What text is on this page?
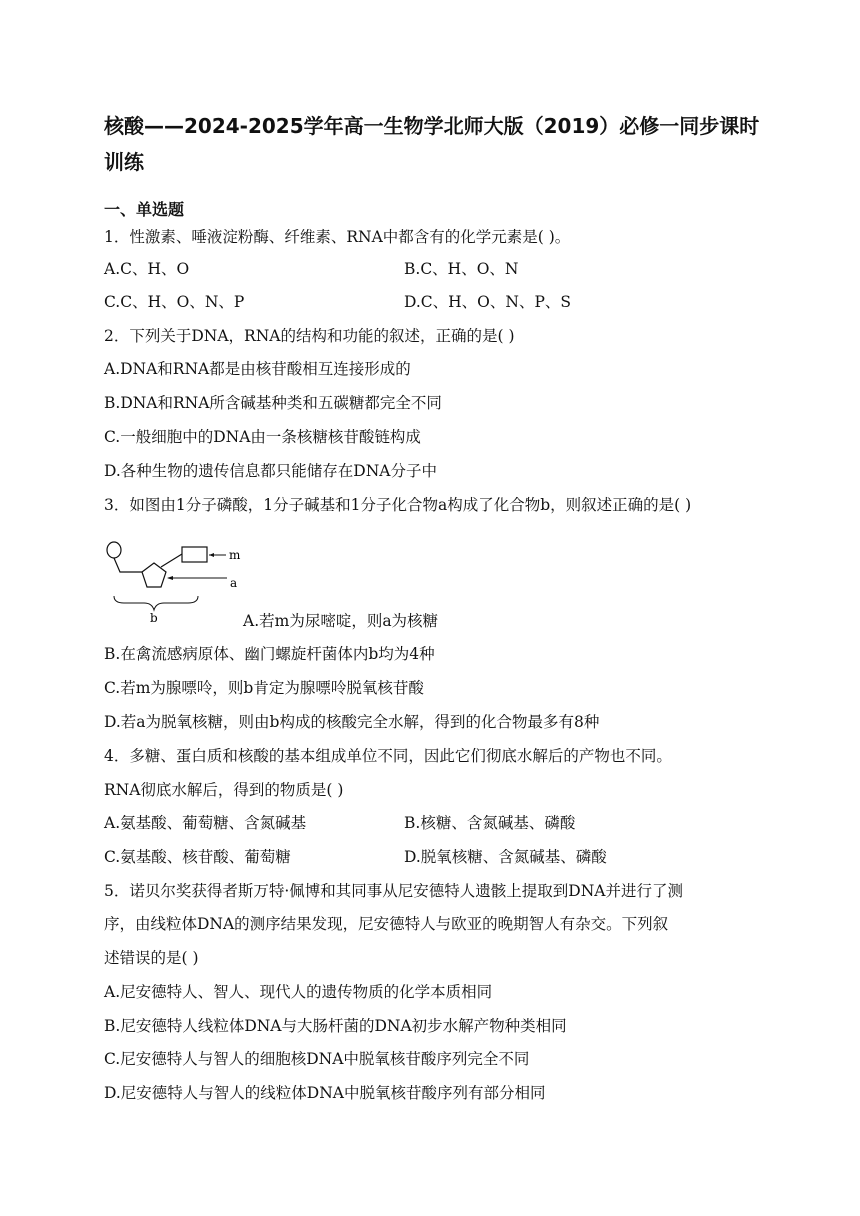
核酸——2024-2025学年高一生物学北师大版（2019）必修一同步课时训练
一、单选题
1．性激素、唾液淀粉酶、纤维素、RNA中都含有的化学元素是( )。
A.C、H、O	B.C、H、O、N
C.C、H、O、N、P	D.C、H、O、N、P、S
2．下列关于DNA，RNA的结构和功能的叙述，正确的是( )
A.DNA和RNA都是由核苷酸相互连接形成的
B.DNA和RNA所含碱基种类和五碳糖都完全不同
C.一般细胞中的DNA由一条核糖核苷酸链构成
D.各种生物的遗传信息都只能储存在DNA分子中
3．如图由1分子磷酸，1分子碱基和1分子化合物a构成了化合物b，则叙述正确的是( )
m
a
b	A.若m为尿嘧啶，则a为核糖
B.在禽流感病原体、幽门螺旋杆菌体内b均为4种
C.若m为腺嘌呤，则b肯定为腺嘌呤脱氧核苷酸
D.若a为脱氧核糖，则由b构成的核酸完全水解，得到的化合物最多有8种
4．多糖、蛋白质和核酸的基本组成单位不同，因此它们彻底水解后的产物也不同。
RNA彻底水解后，得到的物质是( )
A.氨基酸、葡萄糖、含氮碱基	B.核糖、含氮碱基、磷酸
C.氨基酸、核苷酸、葡萄糖	D.脱氧核糖、含氮碱基、磷酸
5．诺贝尔奖获得者斯万特·佩博和其同事从尼安德特人遗骸上提取到DNA并进行了测
序，由线粒体DNA的测序结果发现，尼安德特人与欧亚的晚期智人有杂交。下列叙
述错误的是( )
A.尼安德特人、智人、现代人的遗传物质的化学本质相同
B.尼安德特人线粒体DNA与大肠杆菌的DNA初步水解产物种类相同
C.尼安德特人与智人的细胞核DNA中脱氧核苷酸序列完全不同
D.尼安德特人与智人的线粒体DNA中脱氧核苷酸序列有部分相同
